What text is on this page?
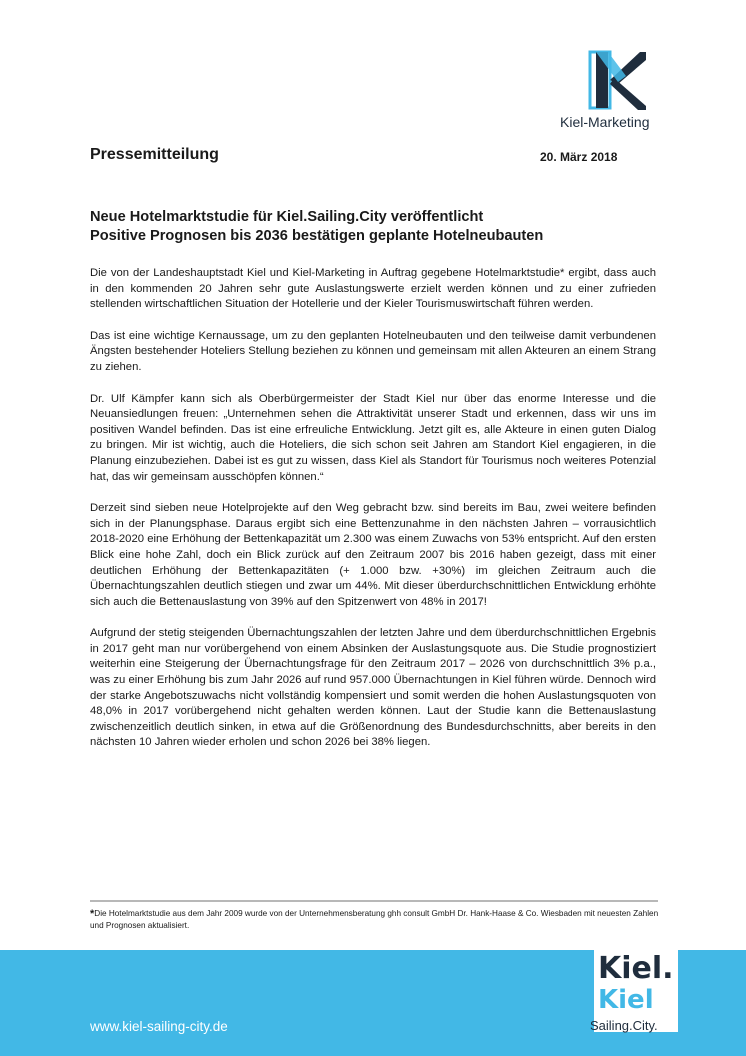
Kiel-Marketing
Pressemitteilung	20. März 2018
Neue Hotelmarktstudie für Kiel.Sailing.City veröffentlicht
Positive Prognosen bis 2036 bestätigen geplante Hotelneubauten

Die von der Landeshauptstadt Kiel und Kiel-Marketing in Auftrag gegebene Hotelmarktstudie* ergibt, dass auch in den kommenden 20 Jahren sehr gute Auslastungswerte erzielt werden können und zu einer zufrieden stellenden wirtschaftlichen Situation der Hotellerie und der Kieler Tourismuswirtschaft führen werden.

Das ist eine wichtige Kernaussage, um zu den geplanten Hotelneubauten und den teilweise damit verbundenen Ängsten bestehender Hoteliers Stellung beziehen zu können und gemeinsam mit allen Akteuren an einem Strang zu ziehen.

Dr. Ulf Kämpfer kann sich als Oberbürgermeister der Stadt Kiel nur über das enorme Interesse und die Neuansiedlungen freuen: „Unternehmen sehen die Attraktivität unserer Stadt und erkennen, dass wir uns im positiven Wandel befinden. Das ist eine erfreuliche Entwicklung. Jetzt gilt es, alle Akteure in einen guten Dialog zu bringen. Mir ist wichtig, auch die Hoteliers, die sich schon seit Jahren am Standort Kiel engagieren, in die Planung einzubeziehen. Dabei ist es gut zu wissen, dass Kiel als Standort für Tourismus noch weiteres Potenzial hat, das wir gemeinsam ausschöpfen können.“

Derzeit sind sieben neue Hotelprojekte auf den Weg gebracht bzw. sind bereits im Bau, zwei weitere befinden sich in der Planungsphase. Daraus ergibt sich eine Bettenzunahme in den nächsten Jahren – vorrausichtlich 2018-2020 eine Erhöhung der Bettenkapazität um 2.300 was einem Zuwachs von 53% entspricht. Auf den ersten Blick eine hohe Zahl, doch ein Blick zurück auf den Zeitraum 2007 bis 2016 haben gezeigt, dass mit einer deutlichen Erhöhung der Bettenkapazitäten (+ 1.000 bzw. +30%) im gleichen Zeitraum auch die Übernachtungszahlen deutlich stiegen und zwar um 44%. Mit dieser überdurchschnittlichen Entwicklung erhöhte sich auch die Bettenauslastung von 39% auf den Spitzenwert von 48% in 2017!

Aufgrund der stetig steigenden Übernachtungszahlen der letzten Jahre und dem überdurchschnittlichen Ergebnis in 2017 geht man nur vorübergehend von einem Absinken der Auslastungsquote aus. Die Studie prognostiziert weiterhin eine Steigerung der Übernachtungsfrage für den Zeitraum 2017 – 2026 von durchschnittlich 3% p.a., was zu einer Erhöhung bis zum Jahr 2026 auf rund 957.000 Übernachtungen in Kiel führen würde. Dennoch wird der starke Angebotszuwachs nicht vollständig kompensiert und somit werden die hohen Auslastungsquoten von 48,0% in 2017 vorübergehend nicht gehalten werden können. Laut der Studie kann die Bettenauslastung zwischenzeitlich deutlich sinken, in etwa auf die Größenordnung des Bundesdurchschnitts, aber bereits in den nächsten 10 Jahren wieder erholen und schon 2026 bei 38% liegen.

*Die Hotelmarktstudie aus dem Jahr 2009 wurde von der Unternehmensberatung ghh consult GmbH Dr. Hank-Haase & Co. Wiesbaden mit neuesten Zahlen und Prognosen aktualisiert.
www.kiel-sailing-city.de
Kiel.
Kiel
Sailing.City.
